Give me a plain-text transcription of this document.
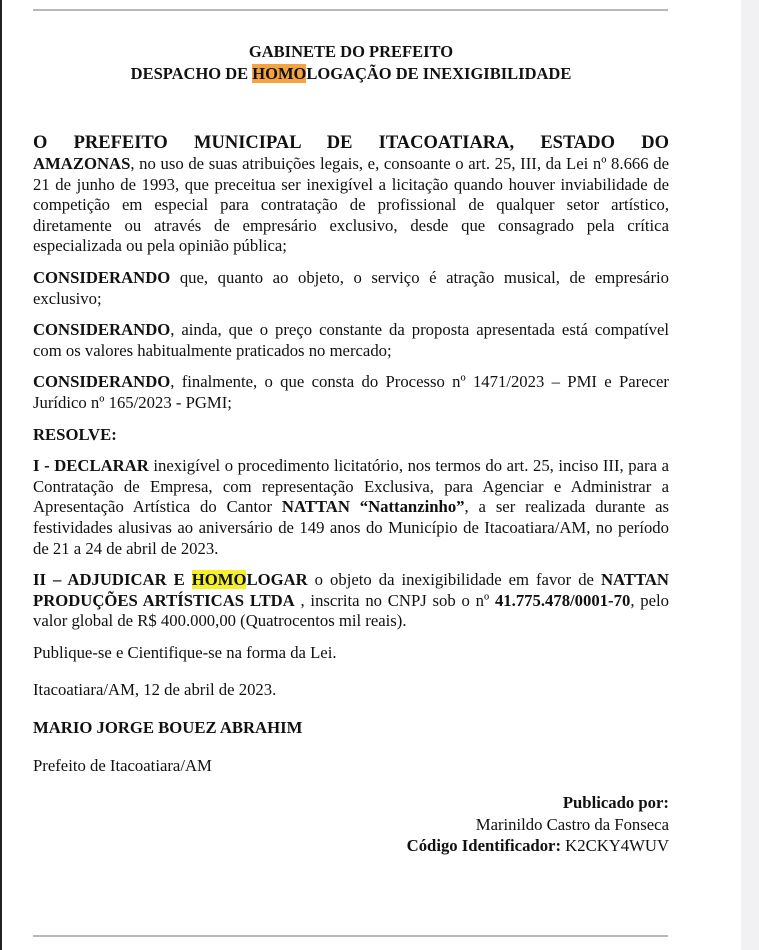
GABINETE DO PREFEITO
DESPACHO DE HOMOLOGAÇÃO DE INEXIGIBILIDADE

O PREFEITO MUNICIPAL DE ITACOATIARA, ESTADO DO
AMAZONAS, no uso de suas atribuições legais, e, consoante o art. 25, III, da Lei nº 8.666 de 21 de junho de 1993, que preceitua ser inexigível a licitação quando houver inviabilidade de competição em especial para contratação de profissional de qualquer setor artístico, diretamente ou através de empresário exclusivo, desde que consagrado pela crítica especializada ou pela opinião pública;

CONSIDERANDO que, quanto ao objeto, o serviço é atração musical, de empresário exclusivo;

CONSIDERANDO, ainda, que o preço constante da proposta apresentada está compatível com os valores habitualmente praticados no mercado;

CONSIDERANDO, finalmente, o que consta do Processo nº 1471/2023 – PMI e Parecer Jurídico nº 165/2023 - PGMI;

RESOLVE:

I - DECLARAR inexigível o procedimento licitatório, nos termos do art. 25, inciso III, para a Contratação de Empresa, com representação Exclusiva, para Agenciar e Administrar a Apresentação Artística do Cantor NATTAN “Nattanzinho”, a ser realizada durante as festividades alusivas ao aniversário de 149 anos do Município de Itacoatiara/AM, no período de 21 a 24 de abril de 2023.

II – ADJUDICAR E HOMOLOGAR o objeto da inexigibilidade em favor de NATTAN PRODUÇÕES ARTÍSTICAS LTDA , inscrita no CNPJ sob o nº 41.775.478/0001-70, pelo valor global de R$ 400.000,00 (Quatrocentos mil reais).

Publique-se e Cientifique-se na forma da Lei.

Itacoatiara/AM, 12 de abril de 2023.

MARIO JORGE BOUEZ ABRAHIM

Prefeito de Itacoatiara/AM

Publicado por:
Marinildo Castro da Fonseca
Código Identificador: K2CKY4WUV
